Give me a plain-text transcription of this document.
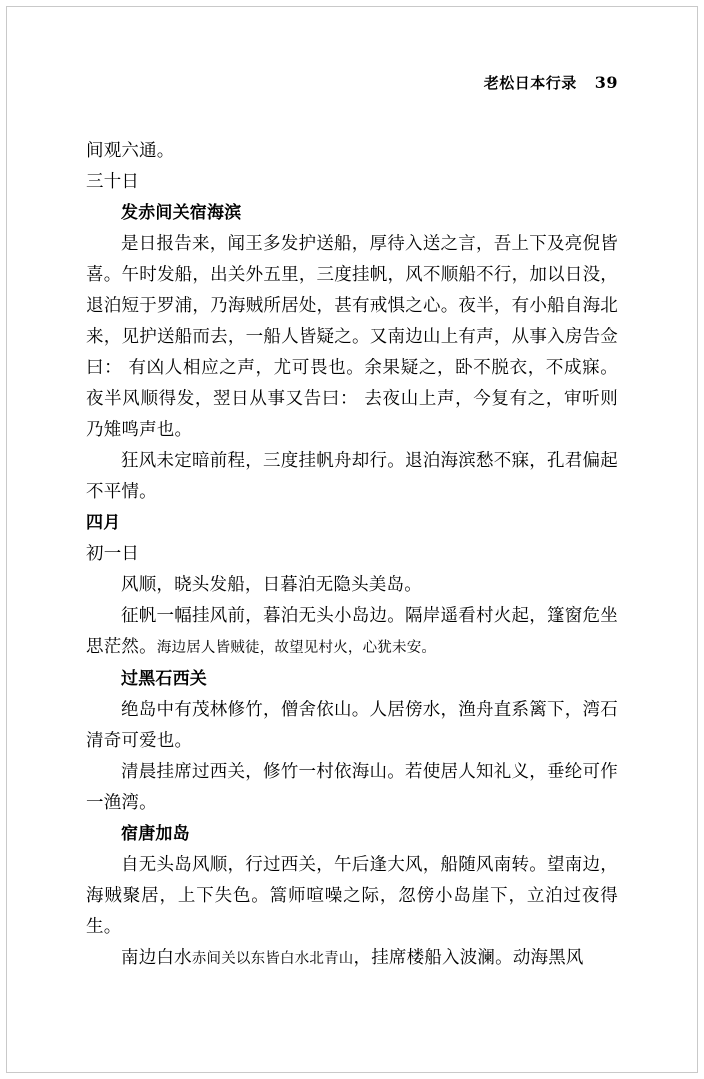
老松日本行录 39

间观六通。

三十日

发赤间关宿海滨

是日报告来，闻王多发护送船，厚待入送之言，吾上下及亮倪皆喜。午时发船，出关外五里，三度挂帆，风不顺船不行，加以日没，退泊短于罗浦，乃海贼所居处，甚有戒惧之心。夜半，有小船自海北来，见护送船而去，一船人皆疑之。又南边山上有声，从事入房告佥曰： 有凶人相应之声，尤可畏也。余果疑之，卧不脱衣，不成寐。夜半风顺得发，翌日从事又告曰： 去夜山上声，今复有之，审听则乃雉鸣声也。

狂风未定暗前程，三度挂帆舟却行。退泊海滨愁不寐，孔君偏起不平情。

四月

初一日

风顺，晓头发船，日暮泊无隐头美岛。

征帆一幅挂风前，暮泊无头小岛边。隔岸遥看村火起，篷窗危坐思茫然。海边居人皆贼徒，故望见村火，心犹未安。

过黑石西关

绝岛中有茂林修竹，僧舍依山。人居傍水，渔舟直系篱下，湾石清奇可爱也。

清晨挂席过西关，修竹一村依海山。若使居人知礼义，垂纶可作一渔湾。

宿唐加岛

自无头岛风顺，行过西关，午后逢大风，船随风南转。望南边，海贼聚居，上下失色。篙师喧噪之际，忽傍小岛崖下，立泊过夜得生。

南边白水赤间关以东皆白水北青山，挂席楼船入波澜。动海黑风
